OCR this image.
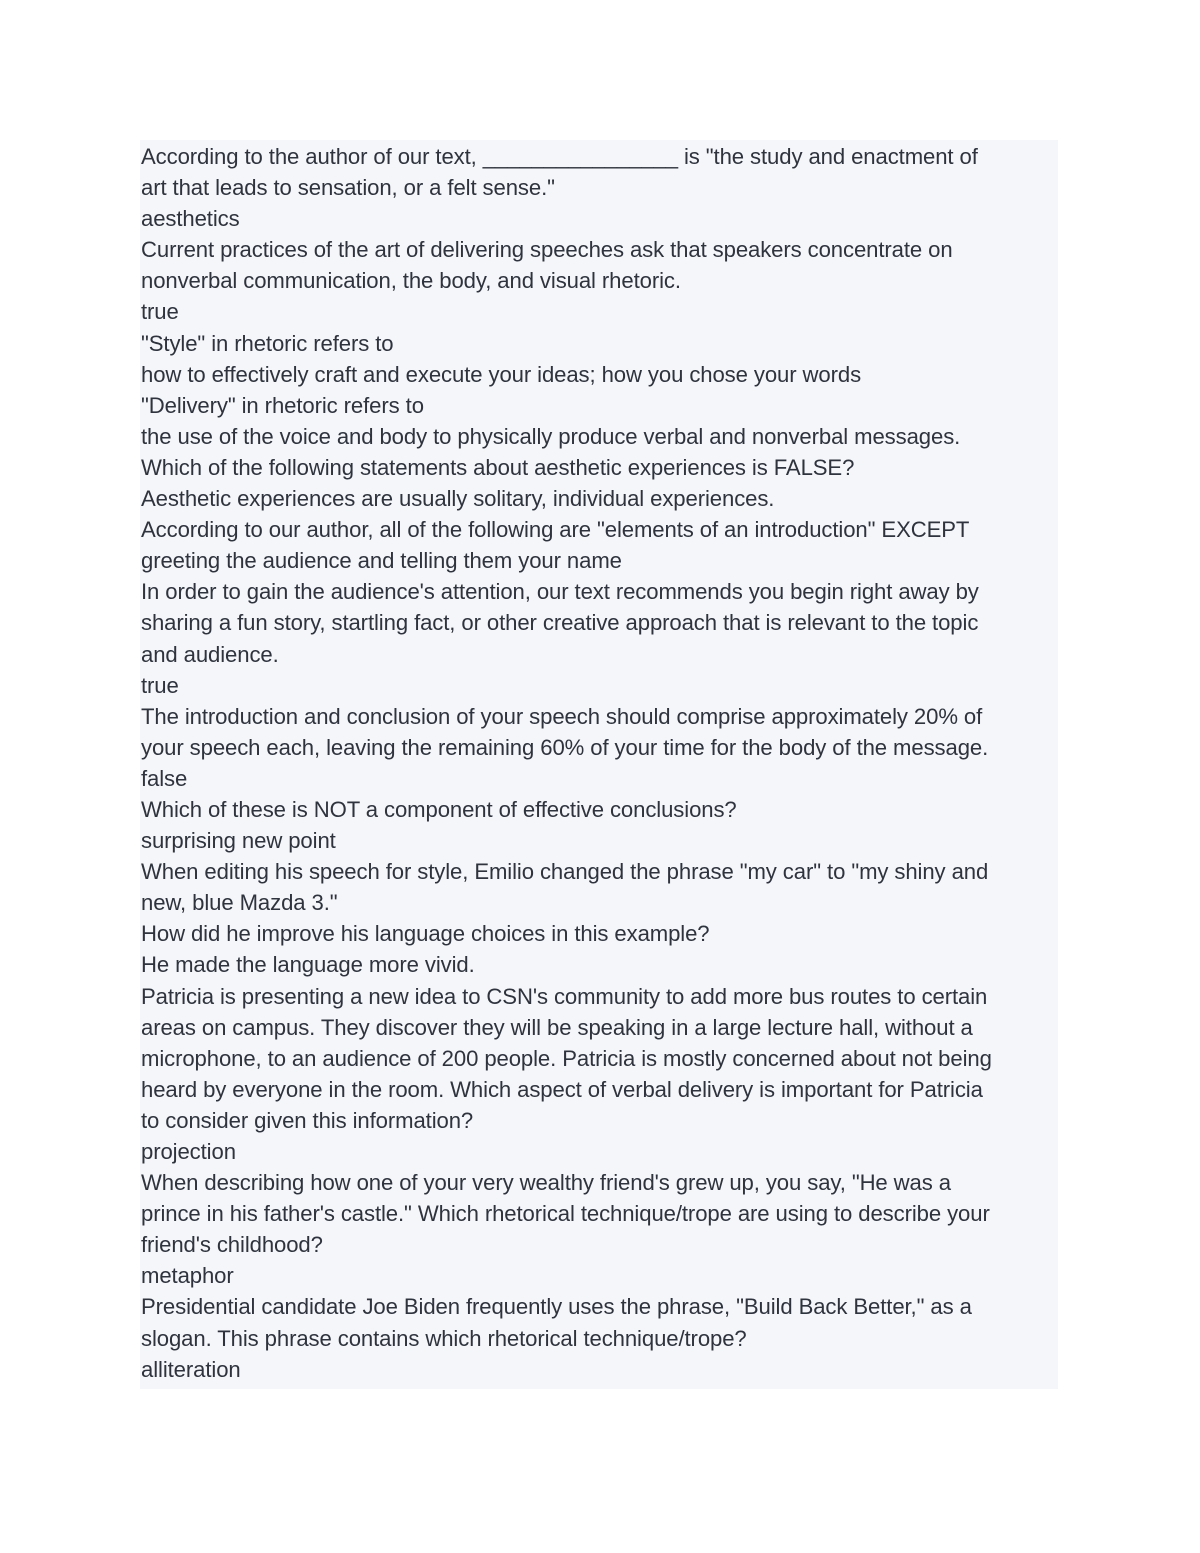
According to the author of our text, ________________ is "the study and enactment of

art that leads to sensation, or a felt sense."

aesthetics

Current practices of the art of delivering speeches ask that speakers concentrate on

nonverbal communication, the body, and visual rhetoric.

true

"Style" in rhetoric refers to

how to effectively craft and execute your ideas; how you chose your words

"Delivery" in rhetoric refers to

the use of the voice and body to physically produce verbal and nonverbal messages.

Which of the following statements about aesthetic experiences is FALSE?

Aesthetic experiences are usually solitary, individual experiences.

According to our author, all of the following are "elements of an introduction" EXCEPT

greeting the audience and telling them your name

In order to gain the audience's attention, our text recommends you begin right away by

sharing a fun story, startling fact, or other creative approach that is relevant to the topic

and audience.

true

The introduction and conclusion of your speech should comprise approximately 20% of

your speech each, leaving the remaining 60% of your time for the body of the message.

false

Which of these is NOT a component of effective conclusions?

surprising new point

When editing his speech for style, Emilio changed the phrase "my car" to "my shiny and

new, blue Mazda 3."

How did he improve his language choices in this example?

He made the language more vivid.

Patricia is presenting a new idea to CSN's community to add more bus routes to certain

areas on campus. They discover they will be speaking in a large lecture hall, without a

microphone, to an audience of 200 people. Patricia is mostly concerned about not being

heard by everyone in the room. Which aspect of verbal delivery is important for Patricia

to consider given this information?

projection

When describing how one of your very wealthy friend's grew up, you say, "He was a

prince in his father's castle." Which rhetorical technique/trope are using to describe your

friend's childhood?

metaphor

Presidential candidate Joe Biden frequently uses the phrase, "Build Back Better," as a

slogan. This phrase contains which rhetorical technique/trope?

alliteration
